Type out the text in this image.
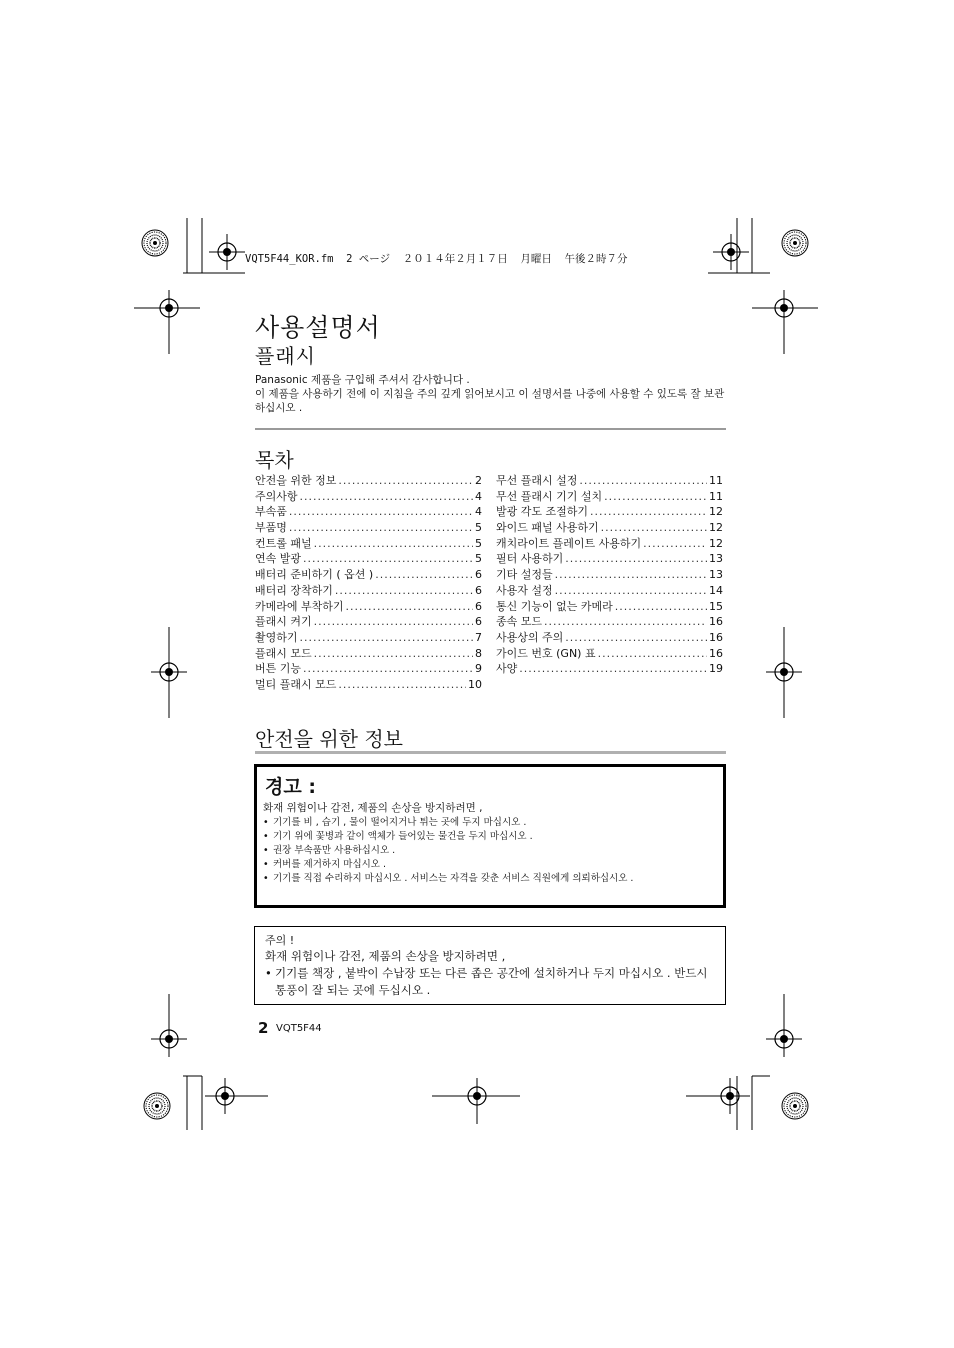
VQT5F44_KOR.fm  2 ページ  ２０１４年２月１７日  月曜日  午後２時７分
사용설명서
플래시
Panasonic 제품을 구입해 주셔서 감사합니다 .
이 제품을 사용하기 전에 이 지침을 주의 깊게 읽어보시고 이 설명서를 나중에 사용할 수 있도록 잘 보관하십시오 .
목차
안전을 위한 정보 .....	2
주의사항 .....	4
부속품 .....	4
부품명 .....	5
컨트롤 패널 .....	5
연속 발광 .....	5
배터리 준비하기 ( 옵션 ) .....	6
배터리 장착하기 .....	6
카메라에 부착하기 .....	6
플래시 켜기 .....	6
촬영하기 .....	7
플래시 모드 .....	8
버튼 기능 .....	9
멀티 플래시 모드 .....	10
무선 플래시 설정 .....	11
무선 플래시 기기 설치 .....	11
발광 각도 조절하기 .....	12
와이드 패널 사용하기 .....	12
캐치라이트 플레이트 사용하기 .....	12
필터 사용하기 .....	13
기타 설정들 .....	13
사용자 설정 .....	14
통신 기능이 없는 카메라 .....	15
종속 모드 .....	16
사용상의 주의 .....	16
가이드 번호 (GN) 표 .....	16
사양 .....	19
안전을 위한 정보
경고 :
화재 위험이나 감전, 제품의 손상을 방지하려면 ,
• 기기를 비 , 습기 , 물이 떨어지거나 튀는 곳에 두지 마십시오 .
• 기기 위에 꽃병과 같이 액체가 들어있는 물건을 두지 마십시오 .
• 권장 부속품만 사용하십시오 .
• 커버를 제거하지 마십시오 .
• 기기를 직접 수리하지 마십시오 . 서비스는 자격을 갖춘 서비스 직원에게 의뢰하십시오 .
주의 !
화재 위험이나 감전, 제품의 손상을 방지하려면 ,
• 기기를 책장 , 붙박이 수납장 또는 다른 좁은 공간에 설치하거나 두지 마십시오 . 반드시 통풍이 잘 되는 곳에 두십시오 .
2 VQT5F44
